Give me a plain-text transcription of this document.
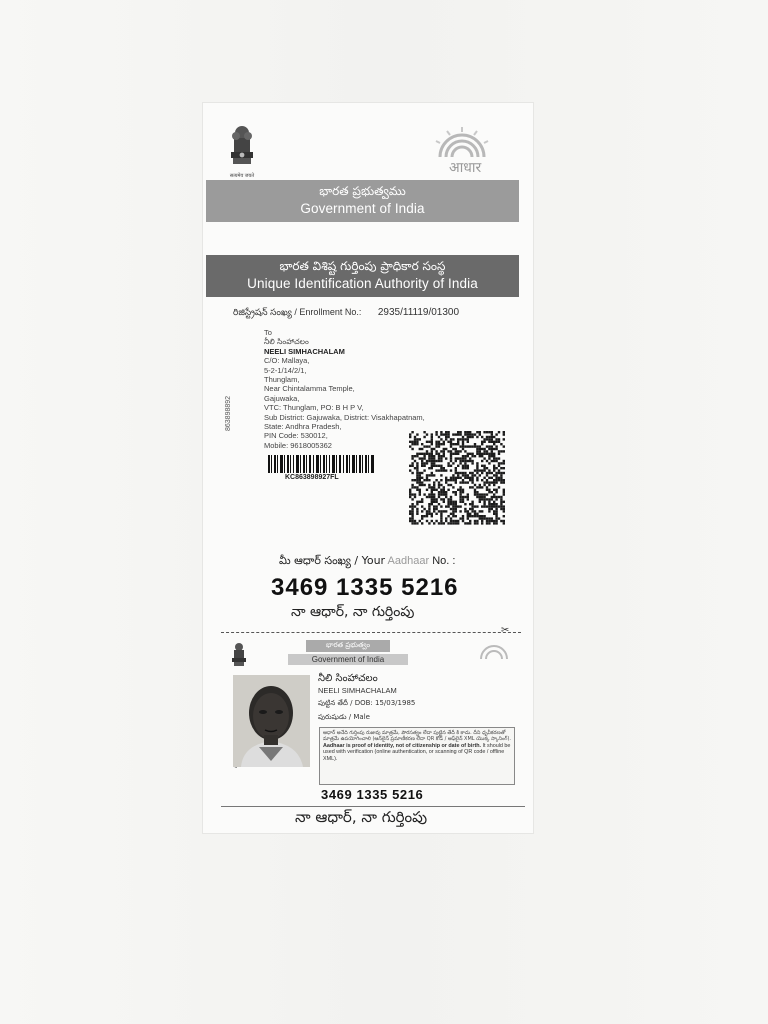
सत्यमेव जयते	आधार
భారత ప్రభుత్వము
Government of India
భారత విశిష్ట గుర్తింపు ప్రాధికార సంస్థ
Unique Identification Authority of India
రిజిస్ట్రేషన్ సంఖ్య / Enrollment No.: 2935/11119/01300
To
నీలి సింహాచలం
NEELI SIMHACHALAM
C/O: Mallaya,
5-2-1/14/2/1,
Thunglam,
Near Chintalamma Temple,
Gajuwaka,
VTC: Thunglam, PO: B H P V,
Sub District: Gajuwaka, District: Visakhapatnam,
State: Andhra Pradesh,
PIN Code: 530012,
Mobile: 9618005362
863898892
KC863898927FL
మీ ఆధార్ సంఖ్య / Your Aadhaar No. :
3469 1335 5216
నా ఆధార్, నా గుర్తింపు
✂
భారత ప్రభుత్వం
Government of India
నీలి సింహాచలం
NEELI SIMHACHALAM
పుట్టిన తేదీ / DOB: 15/03/1985
పురుషుడు / Male
ఆధార్ అనేది గుర్తింపు రుజువు మాత్రమే, పౌరసత్వం లేదా పుట్టిన తేదీ కి కాదు. దీని ధృవీకరణతో మాత్రమే ఉపయోగించాలి (ఆన్‌లైన్ ప్రమాణీకరణ లేదా QR కోడ్ / ఆఫ్‌లైన్ XML యొక్క స్కానింగ్).
Aadhaar is proof of identity, not of citizenship or date of birth. It should be used with verification (online authentication, or scanning of QR code / offline XML).
3469 1335 5216
నా ఆధార్, నా గుర్తింపు
